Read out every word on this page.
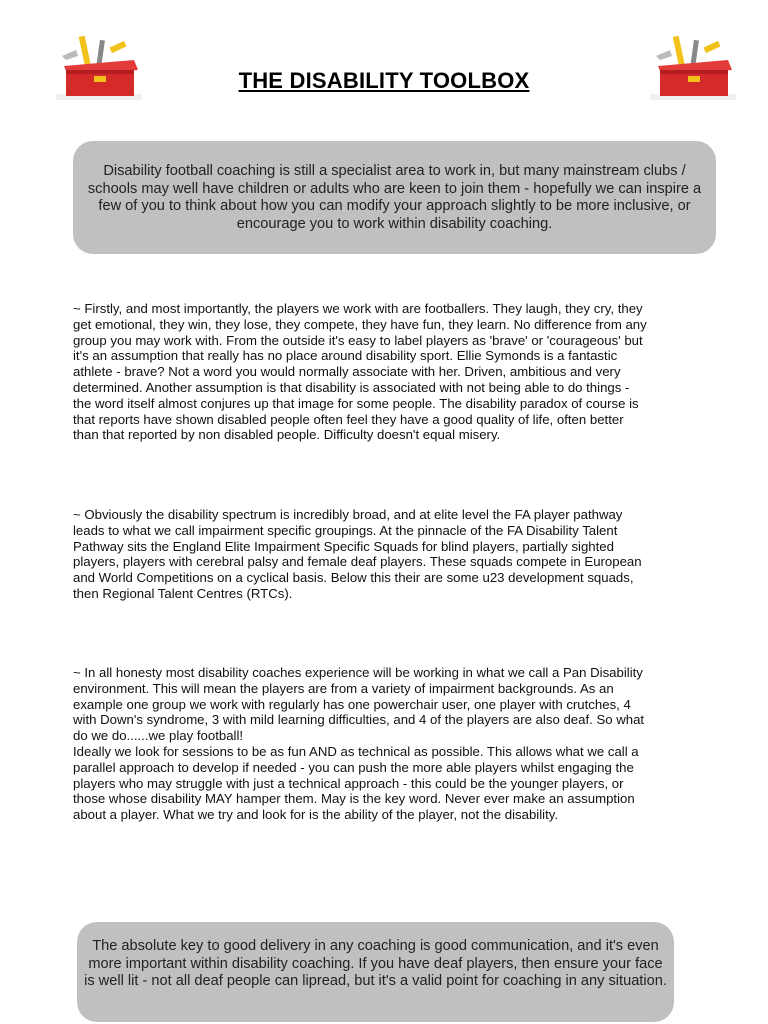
THE DISABILITY TOOLBOX
Disability football coaching is still a specialist area to work in, but many mainstream clubs / schools may well have children or adults who are keen to join them - hopefully we can inspire a few of you to think about how you can modify your approach slightly to be more inclusive, or encourage you to work within disability coaching.
~ Firstly, and most importantly, the players we work with are footballers. They laugh, they cry, they
get emotional, they win, they lose, they compete, they have fun, they learn. No difference from any
group you may work with. From the outside it's easy to label players as 'brave' or 'courageous' but
it's an assumption that really has no place around disability sport. Ellie Symonds is a fantastic
athlete - brave? Not a word you would normally associate with her. Driven, ambitious and very
determined. Another assumption is that disability is associated with not being able to do things -
the word itself almost conjures up that image for some people. The disability paradox of course is
that reports have shown disabled people often feel they have a good quality of life, often better
than that reported by non disabled people. Difficulty doesn't equal misery.
~ Obviously the disability spectrum is incredibly broad, and at elite level the FA player pathway
leads to what we call impairment specific groupings. At the pinnacle of the FA Disability Talent
Pathway sits the England Elite Impairment Specific Squads for blind players, partially sighted
players, players with cerebral palsy and female deaf players. These squads compete in European
and World Competitions on a cyclical basis. Below this their are some u23 development squads,
then Regional Talent Centres (RTCs).
~ In all honesty most disability coaches experience will be working in what we call a Pan Disability
environment. This will mean the players are from a variety of impairment backgrounds. As an
example one group we work with regularly has one powerchair user, one player with crutches, 4
with Down's syndrome, 3 with mild learning difficulties, and 4 of the players are also deaf. So what
do we do......we play football!
Ideally we look for sessions to be as fun AND as technical as possible. This allows what we call a
parallel approach to develop if needed - you can push the more able players whilst engaging the
players who may struggle with just a technical approach - this could be the younger players, or
those whose disability MAY hamper them. May is the key word. Never ever make an assumption
about a player. What we try and look for is the ability of the player, not the disability.
The absolute key to good delivery in any coaching is good communication, and it's even more important within disability coaching. If you have deaf players, then ensure your face is well lit - not all deaf people can lipread, but it's a valid point for coaching in any situation.
